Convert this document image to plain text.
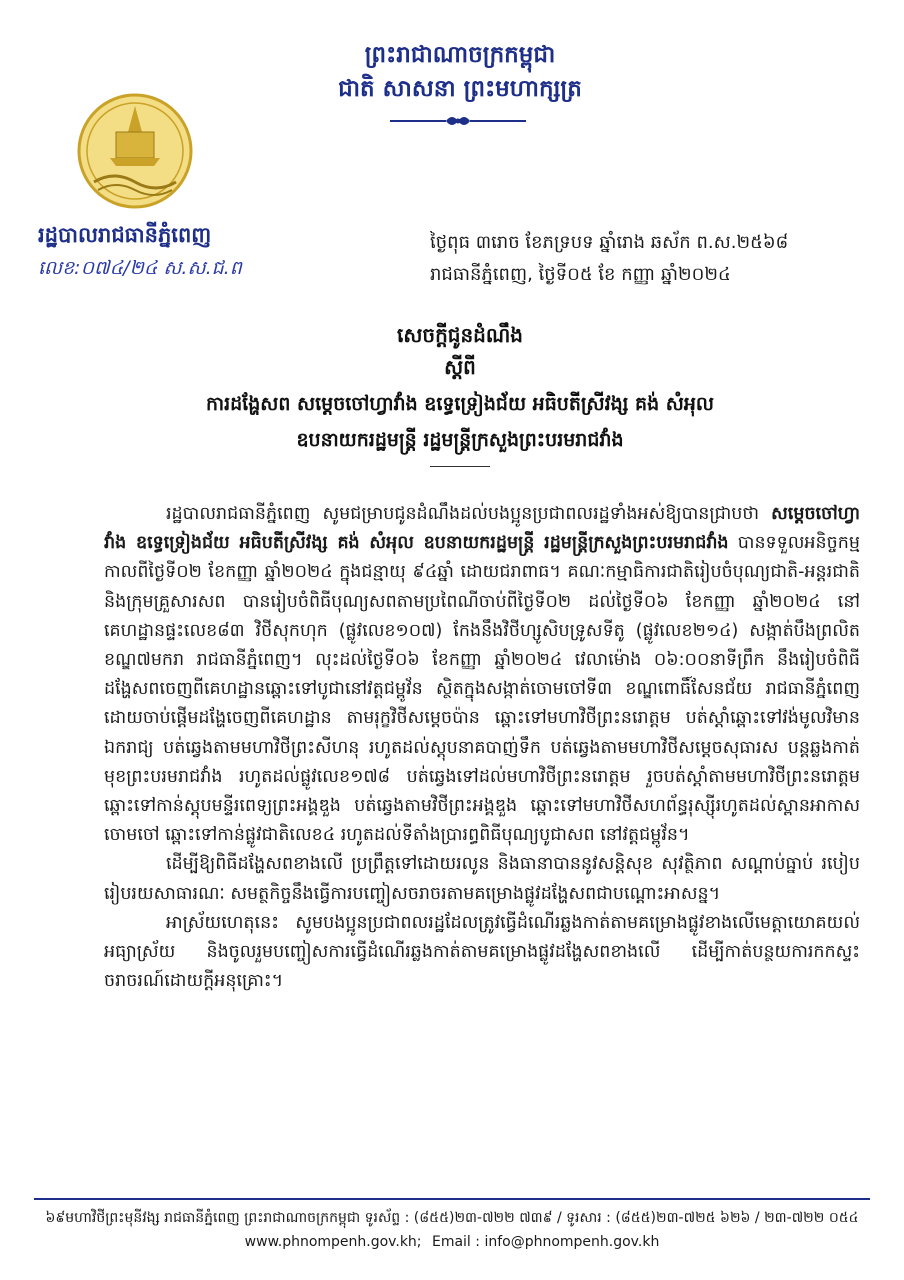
ព្រះរាជាណាចក្រកម្ពុជា
ជាតិ សាសនា ព្រះមហាក្សត្រ
រដ្ឋបាលរាជធានីភ្នំពេញ
លេខ:០៧៤/២៤ ស.ស.ជ.ព
ថ្ងៃពុធ ៣រោច ខែភទ្របទ ឆ្នាំរោង ឆស័ក ព.ស.២៥៦៨
រាជធានីភ្នំពេញ, ថ្ងៃទី០៥ ខែ កញ្ញា ឆ្នាំ២០២៤
សេចក្តីជូនដំណឹង
ស្តីពី
ការដង្ហែសព សម្តេចចៅហ្វាវាំង ឧទ្ធេទ្រៀងជ័យ អធិបតីស្រីវង្ស គង់ សំអុល
ឧបនាយករដ្ឋមន្ត្រី រដ្ឋមន្ត្រីក្រសួងព្រះបរមរាជវាំង

រដ្ឋបាលរាជធានីភ្នំពេញ សូមជម្រាបជូនដំណឹងដល់បងប្អូនប្រជាពលរដ្ឋទាំងអស់ឱ្យបានជ្រាបថា សម្តេចចៅហ្វាវាំង ឧទ្ធេទ្រៀងជ័យ អធិបតីស្រីវង្ស គង់ សំអុល ឧបនាយករដ្ឋមន្ត្រី រដ្ឋមន្ត្រីក្រសួងព្រះបរមរាជវាំង បានទទួលអនិច្ចកម្ម កាលពីថ្ងៃទី០២ ខែកញ្ញា ឆ្នាំ២០២៤ ក្នុងជន្មាយុ ៩៤ឆ្នាំ ដោយជរាពាធ។ គណៈកម្មាធិការជាតិរៀបចំបុណ្យជាតិ-អន្តរជាតិ និងក្រុមគ្រួសារសព បានរៀបចំពិធីបុណ្យសពតាមប្រពៃណីចាប់ពីថ្ងៃទី០២ ដល់ថ្ងៃទី០៦ ខែកញ្ញា ឆ្នាំ២០២៤ នៅគេហដ្ឋានផ្ទះលេខ៨៣ វិថីសុកហុក (ផ្លូវលេខ១០៧) កែងនឹងវិថីហ្សូសិបទ្រូសទីតូ (ផ្លូវលេខ២១៤) សង្កាត់បឹងព្រលិត ខណ្ឌ៧មករា រាជធានីភ្នំពេញ។ លុះដល់ថ្ងៃទី០៦ ខែកញ្ញា ឆ្នាំ២០២៤ វេលាម៉ោង ០៦:០០នាទីព្រឹក នឹងរៀបចំពិធីដង្ហែសពចេញពីគេហដ្ឋានឆ្ពោះទៅបូជានៅវត្តជម្ពូវ័ន ស្ថិតក្នុងសង្កាត់ចោមចៅទី៣ ខណ្ឌពោធិ៍សែនជ័យ រាជធានីភ្នំពេញ ដោយចាប់ផ្តើមដង្ហែចេញពីគេហដ្ឋាន តាមរុក្ខវិថីសម្តេចប៉ាន ឆ្ពោះទៅមហាវិថីព្រះនរោត្តម បត់ស្តាំឆ្ពោះទៅវង់មូលវិមានឯករាជ្យ បត់ឆ្វេងតាមមហាវិថីព្រះសីហនុ រហូតដល់ស្តុបនាគបាញ់ទឹក បត់ឆ្វេងតាមមហាវិថីសម្តេចសុធារស បន្តឆ្លងកាត់មុខព្រះបរមរាជវាំង រហូតដល់ផ្លូវលេខ១៧៨ បត់ឆ្វេងទៅដល់មហាវិថីព្រះនរោត្តម រួចបត់ស្តាំតាមមហាវិថីព្រះនរោត្តម ឆ្ពោះទៅកាន់ស្តុបមន្ទីរពេទ្យព្រះអង្គឌួង បត់ឆ្វេងតាមវិថីព្រះអង្គឌួង ឆ្ពោះទៅមហាវិថីសហព័ន្ធរុស្ស៊ីរហូតដល់ស្ពានអាកាសចោមចៅ ឆ្ពោះទៅកាន់ផ្លូវជាតិលេខ៤ រហូតដល់ទីតាំងប្រារព្ធពិធីបុណ្យបូជាសព នៅវត្តជម្ពូវ័ន។

ដើម្បីឱ្យពិធីដង្ហែសពខាងលើ ប្រព្រឹត្តទៅដោយរលូន និងធានាបាននូវសន្តិសុខ សុវត្ថិភាព សណ្តាប់ធ្នាប់ របៀបរៀបរយសាធារណៈ សមត្ថកិច្ចនឹងធ្វើការបញ្ចៀសចរាចរតាមគម្រោងផ្លូវដង្ហែសពជាបណ្តោះអាសន្ន។

អាស្រ័យហេតុនេះ សូមបងប្អូនប្រជាពលរដ្ឋដែលត្រូវធ្វើដំណើរឆ្លងកាត់តាមគម្រោងផ្លូវខាងលើមេត្តាយោគយល់អធ្យាស្រ័យ និងចូលរួមបញ្ចៀសការធ្វើដំណើរឆ្លងកាត់តាមគម្រោងផ្លូវដង្ហែសពខាងលើ ដើម្បីកាត់បន្ថយការកកស្ទះចរាចរណ៍ដោយក្តីអនុគ្រោះ។

៦៩មហាវិថីព្រះមុនីវង្ស រាជធានីភ្នំពេញ ព្រះរាជាណាចក្រកម្ពុជា ទូរស័ព្ទ : (៨៥៥)២៣-៧២២ ៧៣៩ / ទូរសារ : (៨៥៥)២៣-៧២៥ ៦២៦ / ២៣-៧២២ ០៥៤
www.phnompenh.gov.kh; Email : info@phnompenh.gov.kh
